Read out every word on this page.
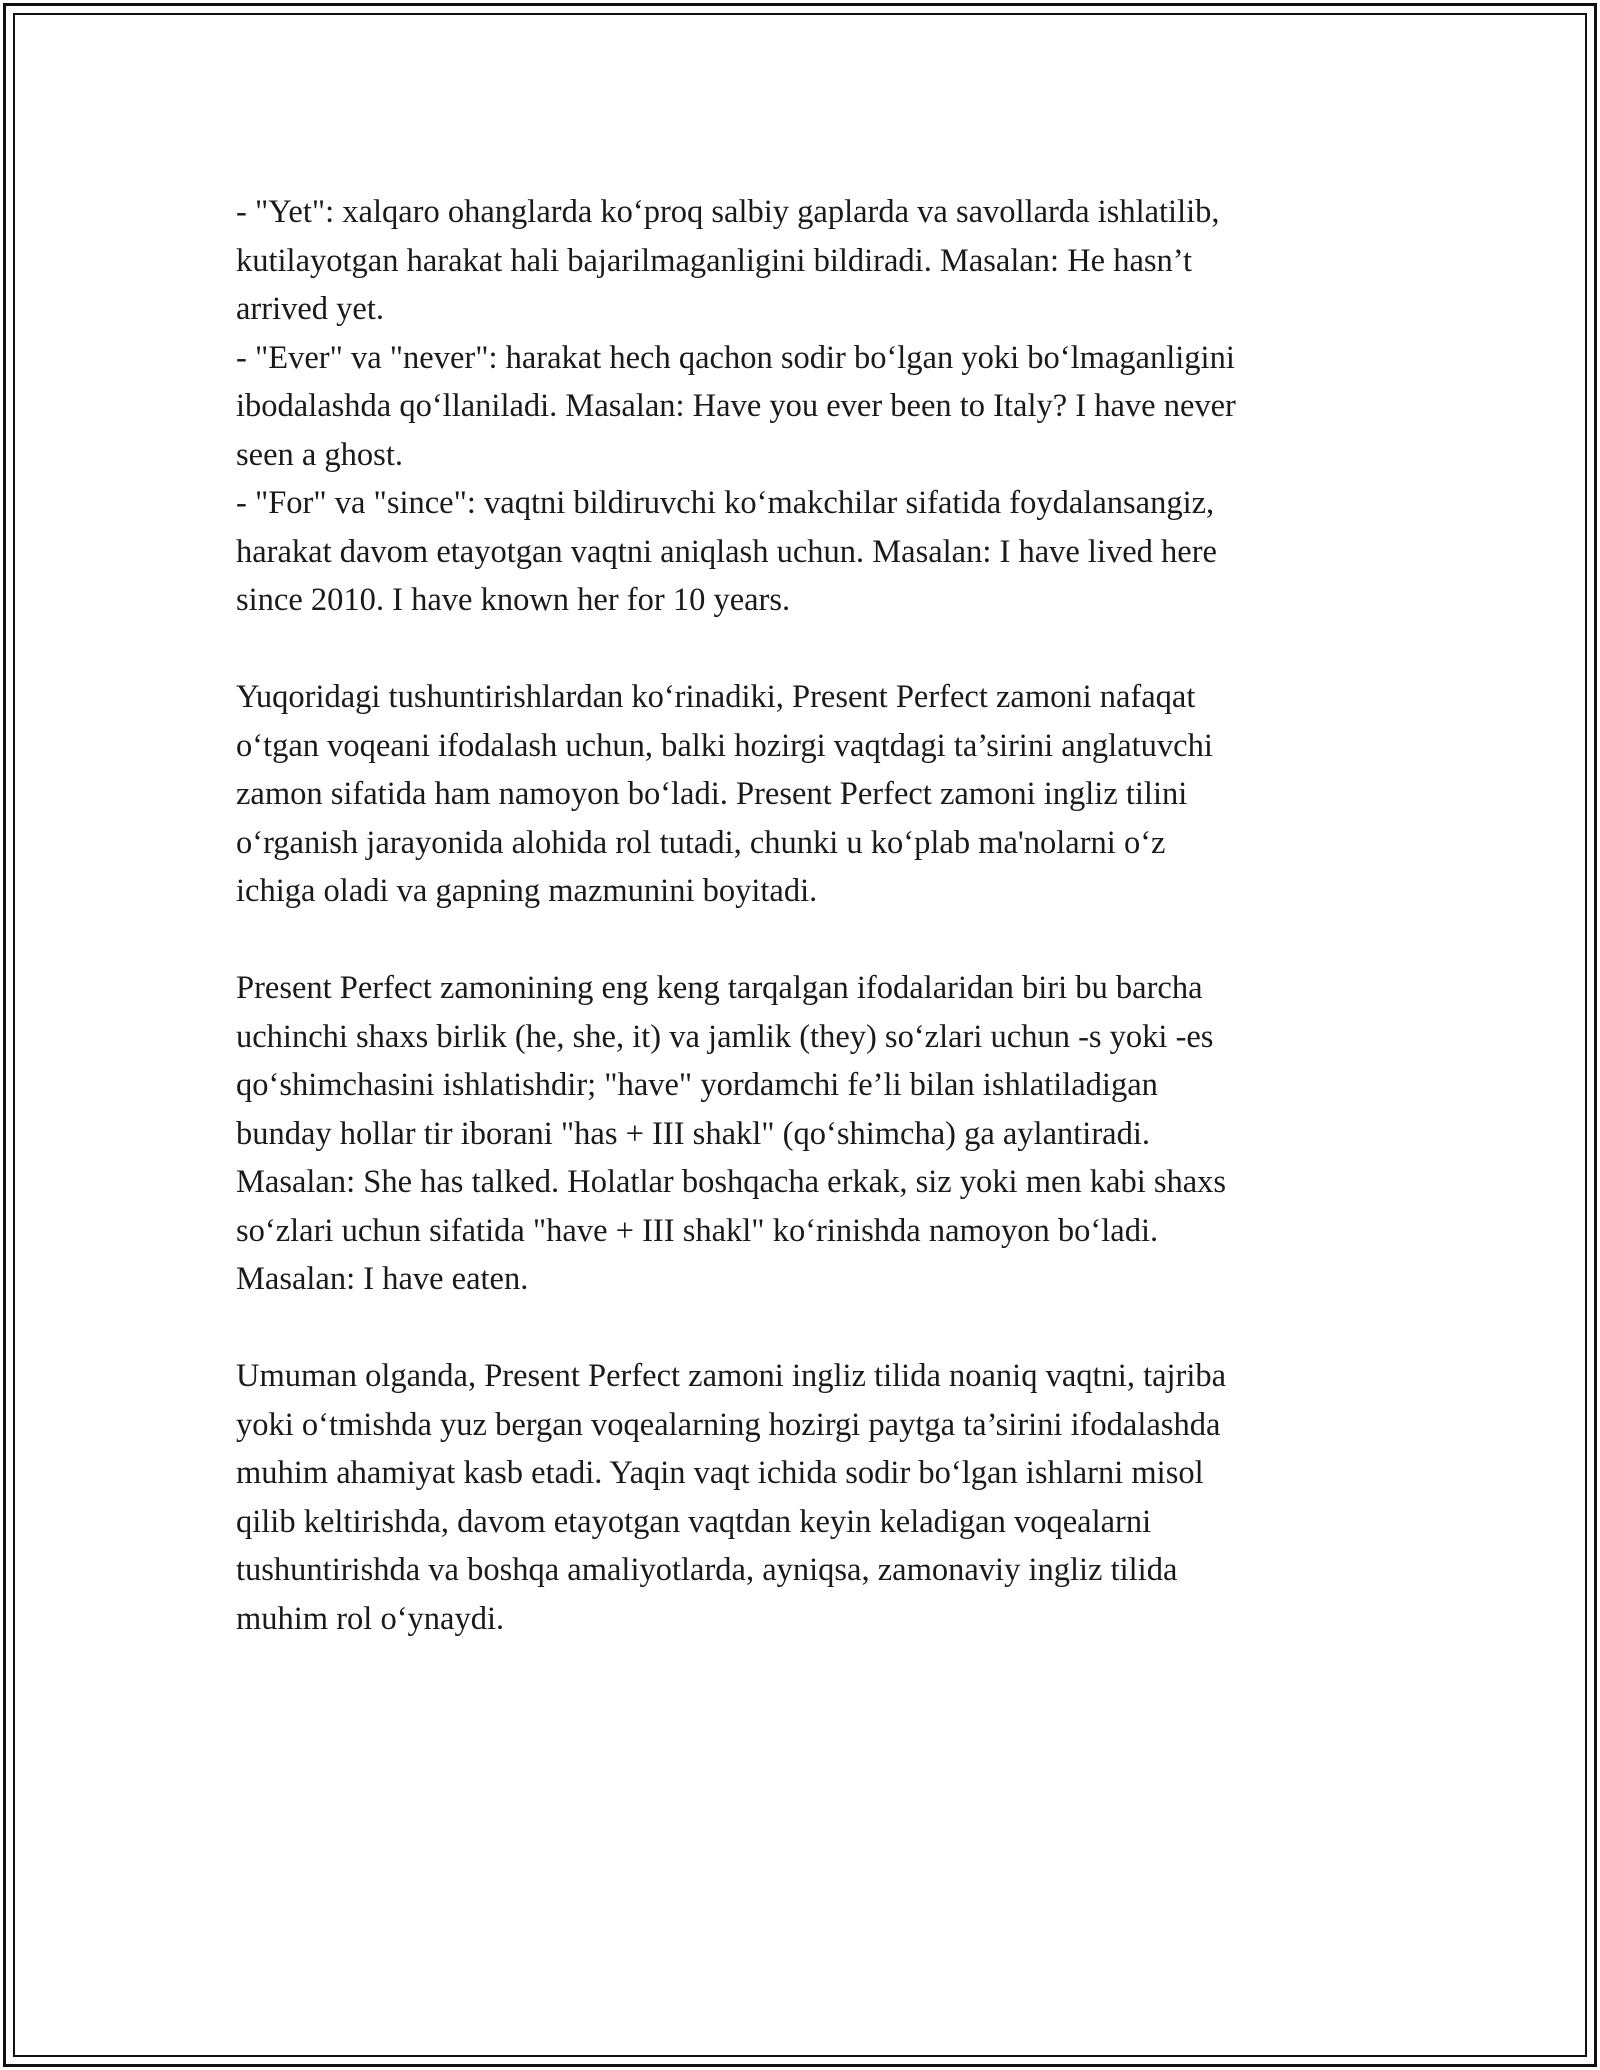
- "Yet": xalqaro ohanglarda ko‘proq salbiy gaplarda va savollarda ishlatilib,
kutilayotgan harakat hali bajarilmaganligini bildiradi. Masalan: He hasn’t
arrived yet.
- "Ever" va "never": harakat hech qachon sodir bo‘lgan yoki bo‘lmaganligini
ibodalashda qo‘llaniladi. Masalan: Have you ever been to Italy? I have never
seen a ghost.
- "For" va "since": vaqtni bildiruvchi ko‘makchilar sifatida foydalansangiz,
harakat davom etayotgan vaqtni aniqlash uchun. Masalan: I have lived here
since 2010. I have known her for 10 years.
Yuqoridagi tushuntirishlardan ko‘rinadiki, Present Perfect zamoni nafaqat
o‘tgan voqeani ifodalash uchun, balki hozirgi vaqtdagi ta’sirini anglatuvchi
zamon sifatida ham namoyon bo‘ladi. Present Perfect zamoni ingliz tilini
o‘rganish jarayonida alohida rol tutadi, chunki u ko‘plab ma'nolarni o‘z
ichiga oladi va gapning mazmunini boyitadi.
Present Perfect zamonining eng keng tarqalgan ifodalaridan biri bu barcha
uchinchi shaxs birlik (he, she, it) va jamlik (they) so‘zlari uchun -s yoki -es
qo‘shimchasini ishlatishdir; "have" yordamchi fe’li bilan ishlatiladigan
bunday hollar tir iborani "has + III shakl" (qo‘shimcha) ga aylantiradi.
Masalan: She has talked. Holatlar boshqacha erkak, siz yoki men kabi shaxs
so‘zlari uchun sifatida "have + III shakl" ko‘rinishda namoyon bo‘ladi.
Masalan: I have eaten.
Umuman olganda, Present Perfect zamoni ingliz tilida noaniq vaqtni, tajriba
yoki o‘tmishda yuz bergan voqealarning hozirgi paytga ta’sirini ifodalashda
muhim ahamiyat kasb etadi. Yaqin vaqt ichida sodir bo‘lgan ishlarni misol
qilib keltirishda, davom etayotgan vaqtdan keyin keladigan voqealarni
tushuntirishda va boshqa amaliyotlarda, ayniqsa, zamonaviy ingliz tilida
muhim rol o‘ynaydi.
